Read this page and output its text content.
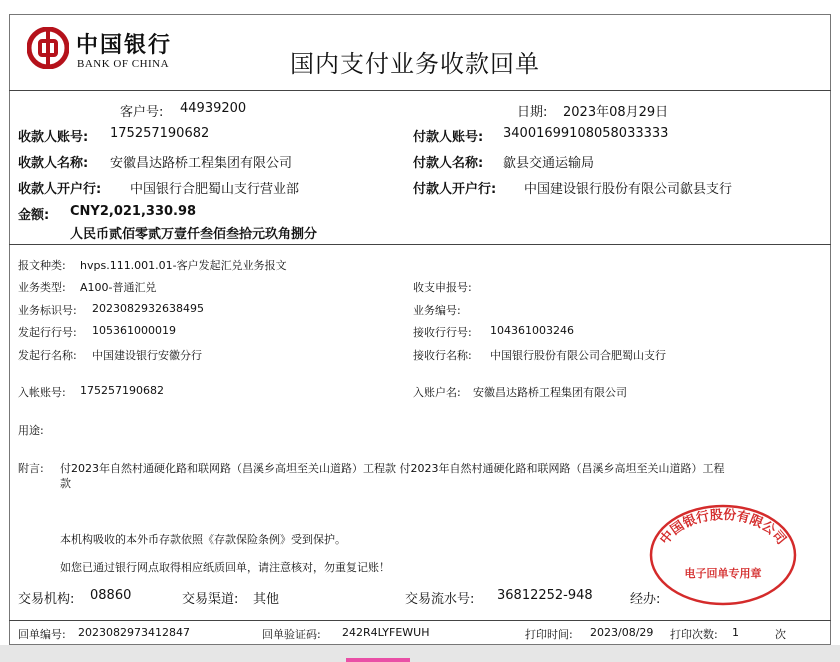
中国银行
BANK OF CHINA	国内支付业务收款回单
客户号: 44939200	日期: 2023年08月29日
收款人账号: 175257190682	付款人账号: 34001699108058033333
收款人名称: 安徽昌达路桥工程集团有限公司	付款人名称: 歙县交通运输局
收款人开户行: 中国银行合肥蜀山支行营业部	付款人开户行: 中国建设银行股份有限公司歙县支行
金额: CNY2,021,330.98
人民币贰佰零贰万壹仟叁佰叁拾元玖角捌分
报文种类: hvps.111.001.01-客户发起汇兑业务报文
业务类型: A100-普通汇兑	收支申报号:
业务标识号: 2023082932638495	业务编号:
发起行行号: 105361000019	接收行行号: 104361003246
发起行名称: 中国建设银行安徽分行	接收行名称: 中国银行股份有限公司合肥蜀山支行
入帐账号: 175257190682	入账户名: 安徽昌达路桥工程集团有限公司
用途:
附言: 付2023年自然村通硬化路和联网路（昌溪乡高坦至关山道路）工程款 付2023年自然村通硬化路和联网路（昌溪乡高坦至关山道路）工程
款
本机构吸收的本外币存款依照《存款保险条例》受到保护。
如您已通过银行网点取得相应纸质回单，请注意核对，勿重复记账！
交易机构: 08860	交易渠道: 其他	交易流水号: 36812252-948	经办:
中国银行股份有限公司
电子回单专用章
回单编号: 2023082973412847	回单验证码: 242R4LYFEWUH	打印时间: 2023/08/29 打印次数: 1	次
